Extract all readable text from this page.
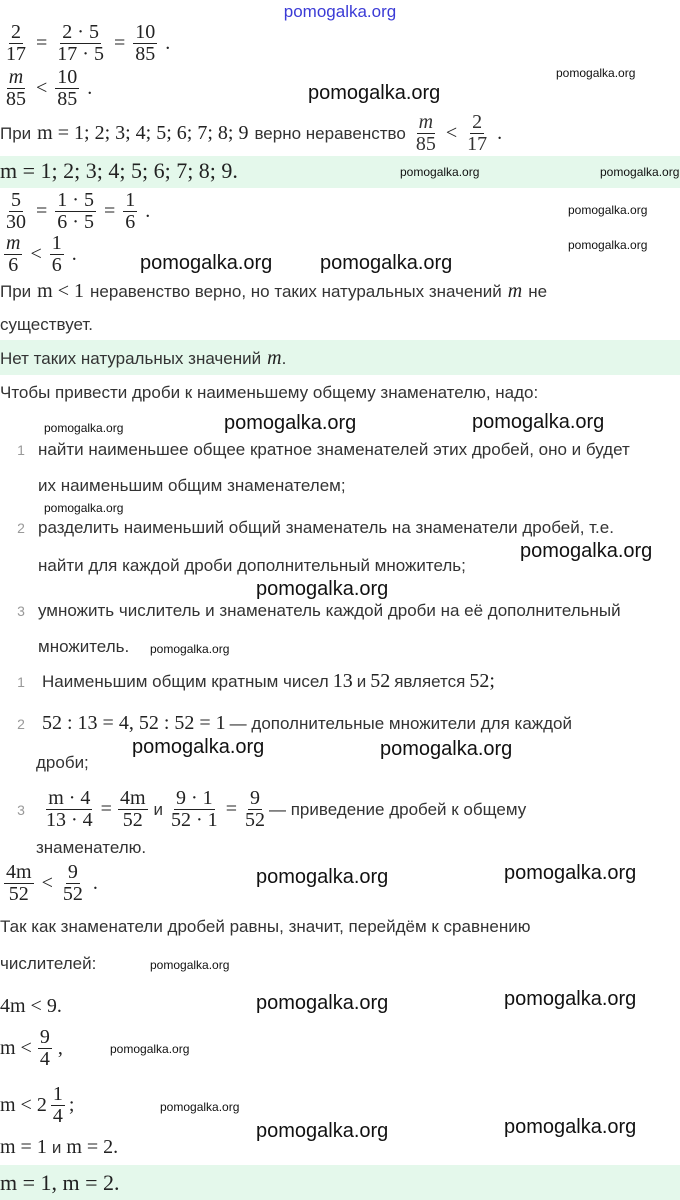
pomogalka.org
$\frac{2}{17} = \frac{2 \cdot 5}{17 \cdot 5} = \frac{10}{85}$ .
$\frac{m}{85} < \frac{10}{85}$ .
При m = 1; 2; 3; 4; 5; 6; 7; 8; 9 верно неравенство $\frac{m}{85} < \frac{2}{17}$ .
m = 1; 2; 3; 4; 5; 6; 7; 8; 9.
$\frac{5}{30} = \frac{1 \cdot 5}{6 \cdot 5} = \frac{1}{6}$ .
$\frac{m}{6} < \frac{1}{6}$ .
При m < 1 неравенство верно, но таких натуральных значений m не
существует.
Нет таких натуральных значений m .
Чтобы привести дроби к наименьшему общему знаменателю, надо:
1 найти наименьшее общее кратное знаменателей этих дробей, оно и будет
их наименьшим общим знаменателем;
2 разделить наименьший общий знаменатель на знаменатели дробей, т.е.
найти для каждой дроби дополнительный множитель;
3 умножить числитель и знаменатель каждой дроби на её дополнительный
множитель.
1	Наименьшим общим кратным чисел 13 и 52 является 52 ;
2 52 : 13 = 4, 52 : 52 = 1 — дополнительные множители для каждой
дроби;
$3 \frac{m \cdot 4}{13 \cdot 4} = \frac{4m}{52}$ и $\frac{9 \cdot 1}{52 \cdot 1} = \frac{9}{52}$ — приведение дробей к общему
знаменателю.
$\frac{4m}{52} < \frac{9}{52}$ .
Так как знаменатели дробей равны, значит, перейдём к сравнению
числителей:
4m < 9.
$m < \frac{9}{4}$ ,
$m < 2 \frac{1}{4}$ ;
m = 1 и m = 2.
m = 1, m = 2.
pomogalka.org
pomogalka.org
pomogalka.org
pomogalka.org
pomogalka.org
pomogalka.org pomogalka.org
pomogalka.org
pomogalka.org
pomogalka.org	pomogalka.org
pomogalka.org
pomogalka.org
pomogalka.org
pomogalka.org
pomogalka.org	pomogalka.org
pomogalka.org	pomogalka.org
pomogalka.org
pomogalka.org	pomogalka.org
pomogalka.org
pomogalka.org
pomogalka.org	pomogalka.org
